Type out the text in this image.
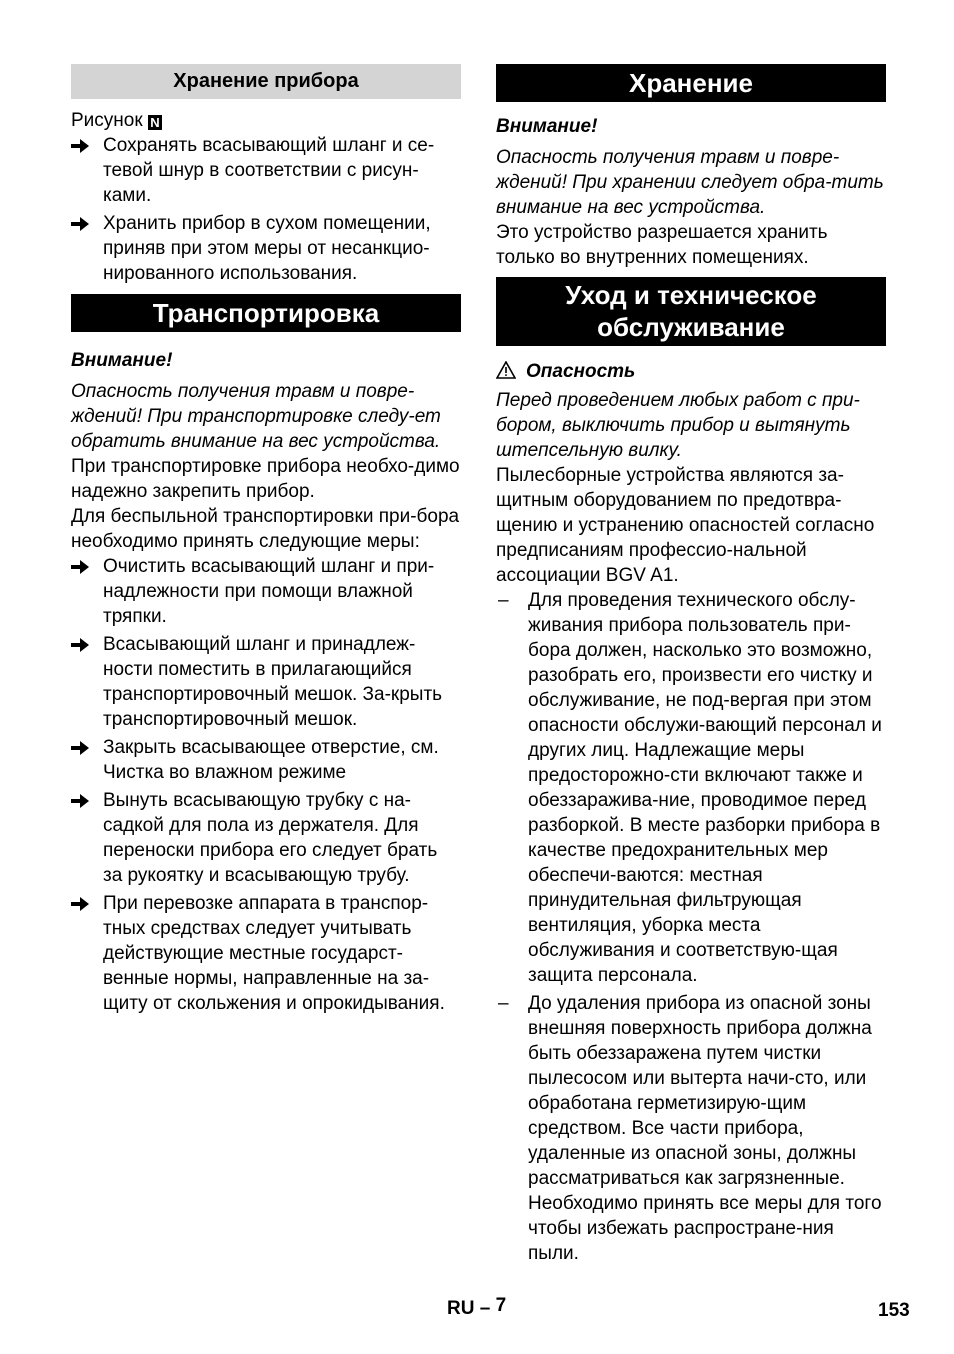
Хранение прибора

Рисунок N

Сохранять всасывающий шланг и се-тевой шнур в соответствии с рисун-ками.
Хранить прибор в сухом помещении, приняв при этом меры от несанкцио-нированного использования.
Транспортировка

Внимание!

Опасность получения травм и повре-ждений! При транспортировке следу-ет обратить внимание на вес устройства.

При транспортировке прибора необхо-димо надежно закрепить прибор.

Для беспыльной транспортировки при-бора необходимо принять следующие меры:

Очистить всасывающий шланг и при-надлежности при помощи влажной тряпки.
Всасывающий шланг и принадлеж-ности поместить в прилагающийся транспортировочный мешок. За-крыть транспортировочный мешок.
Закрыть всасывающее отверстие, см. Чистка во влажном режиме
Вынуть всасывающую трубку с на-садкой для пола из держателя. Для переноски прибора его следует брать за рукоятку и всасывающую трубу.
При перевозке аппарата в транспор-тных средствах следует учитывать действующие местные государст-венные нормы, направленные на за-щиту от скольжения и опрокидывания.
Хранение

Внимание!

Опасность получения травм и повре-ждений! При хранении следует обра-тить внимание на вес устройства.

Это устройство разрешается хранить только во внутренних помещениях.

Уход и техническое
обслуживание

Опасность

Перед проведением любых работ с при-бором, выключить прибор и вытянуть штепсельную вилку.

Пылесборные устройства являются за-щитным оборудованием по предотвра-щению и устранению опасностей согласно предписаниям профессио-нальной ассоциации BGV A1.

–	Для проведения технического обслу-живания прибора пользователь при-бора должен, насколько это возможно, разобрать его, произвести его чистку и обслуживание, не под-вергая при этом опасности обслужи-вающий персонал и других лиц. Надлежащие меры предосторожно-сти включают также и обеззаражива-ние, проводимое перед разборкой. В месте разборки прибора в качестве предохранительных мер обеспечи-ваются: местная принудительная фильтрующая вентиляция, уборка места обслуживания и соответствую-щая защита персонала.
–	До удаления прибора из опасной зоны внешняя поверхность прибора должна быть обеззаражена путем чистки пылесосом или вытерта начи-сто, или обработана герметизирую-щим средством. Все части прибора, удаленные из опасной зоны, должны рассматриваться как загрязненные. Необходимо принять все меры для того чтобы избежать распростране-ния пыли.
RU – 7	153
